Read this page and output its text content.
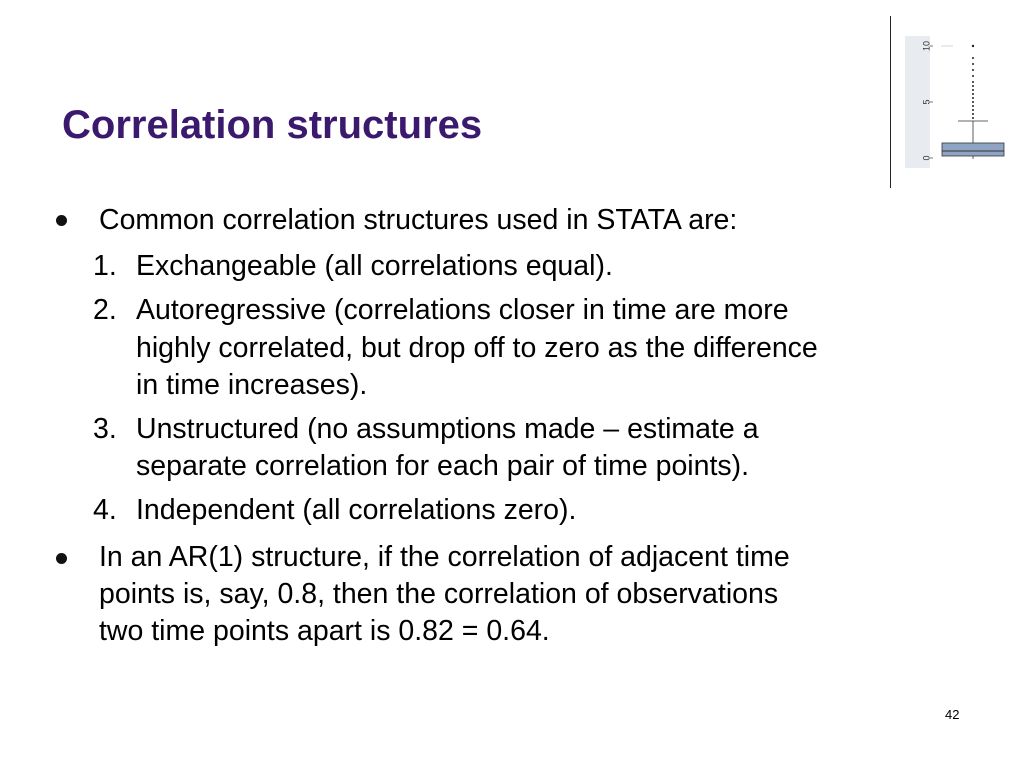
Correlation structures
0
5
10
Common correlation structures used in STATA are:
1. Exchangeable (all correlations equal).
2. Autoregressive (correlations closer in time are more
highly correlated, but drop off to zero as the difference
in time increases).
3. Unstructured (no assumptions made – estimate a
separate correlation for each pair of time points).
4. Independent (all correlations zero).
In an AR(1) structure, if the correlation of adjacent time
points is, say, 0.8, then the correlation of observations
two time points apart is 0.82 = 0.64.
42
